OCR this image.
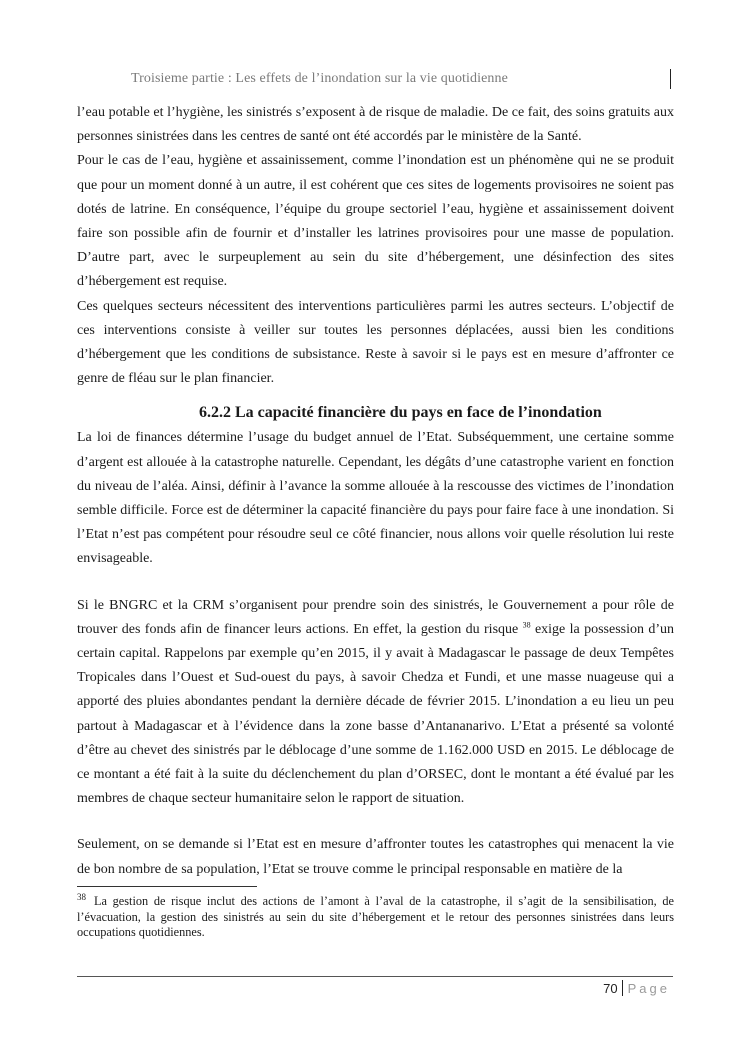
Troisieme partie : Les effets de l’inondation sur la vie quotidienne

l’eau potable et l’hygiène, les sinistrés s’exposent à de risque de maladie. De ce fait, des soins gratuits aux personnes sinistrées dans les centres de santé ont été accordés par le ministère de la Santé.

Pour le cas de l’eau, hygiène et assainissement, comme l’inondation est un phénomène qui ne se produit que pour un moment donné à un autre, il est cohérent que ces sites de logements provisoires ne soient pas dotés de latrine. En conséquence, l’équipe du groupe sectoriel l’eau, hygiène et assainissement doivent faire son possible afin de fournir et d’installer les latrines provisoires pour une masse de population. D’autre part, avec le surpeuplement au sein du site d’hébergement, une désinfection des sites d’hébergement est requise.

Ces quelques secteurs nécessitent des interventions particulières parmi les autres secteurs. L’objectif de ces interventions consiste à veiller sur toutes les personnes déplacées, aussi bien les conditions d’hébergement que les conditions de subsistance. Reste à savoir si le pays est en mesure d’affronter ce genre de fléau sur le plan financier.

6.2.2 La capacité financière du pays en face de l’inondation

La loi de finances détermine l’usage du budget annuel de l’Etat. Subséquemment, une certaine somme d’argent est allouée à la catastrophe naturelle. Cependant, les dégâts d’une catastrophe varient en fonction du niveau de l’aléa. Ainsi, définir à l’avance la somme allouée à la rescousse des victimes de l’inondation semble difficile. Force est de déterminer la capacité financière du pays pour faire face à une inondation. Si l’Etat n’est pas compétent pour résoudre seul ce côté financier, nous allons voir quelle résolution lui reste envisageable.

Si le BNGRC et la CRM s’organisent pour prendre soin des sinistrés, le Gouvernement a pour rôle de trouver des fonds afin de financer leurs actions. En effet, la gestion du risque $^{38}$ exige la possession d’un certain capital. Rappelons par exemple qu’en 2015, il y avait à Madagascar le passage de deux Tempêtes Tropicales dans l’Ouest et Sud-ouest du pays, à savoir Chedza et Fundi, et une masse nuageuse qui a apporté des pluies abondantes pendant la dernière décade de février 2015. L’inondation a eu lieu un peu partout à Madagascar et à l’évidence dans la zone basse d’Antananarivo. L’Etat a présenté sa volonté d’être au chevet des sinistrés par le déblocage d’une somme de 1.162.000 USD en 2015. Le déblocage de ce montant a été fait à la suite du déclenchement du plan d’ORSEC, dont le montant a été évalué par les membres de chaque secteur humanitaire selon le rapport de situation.

Seulement, on se demande si l’Etat est en mesure d’affronter toutes les catastrophes qui menacent la vie de bon nombre de sa population, l’Etat se trouve comme le principal responsable en matière de la

$^{38}$ La gestion de risque inclut des actions de l’amont à l’aval de la catastrophe, il s’agit de la sensibilisation, de l’évacuation, la gestion des sinistrés au sein du site d’hébergement et le retour des personnes sinistrées dans leurs occupations quotidiennes.
70 Page
